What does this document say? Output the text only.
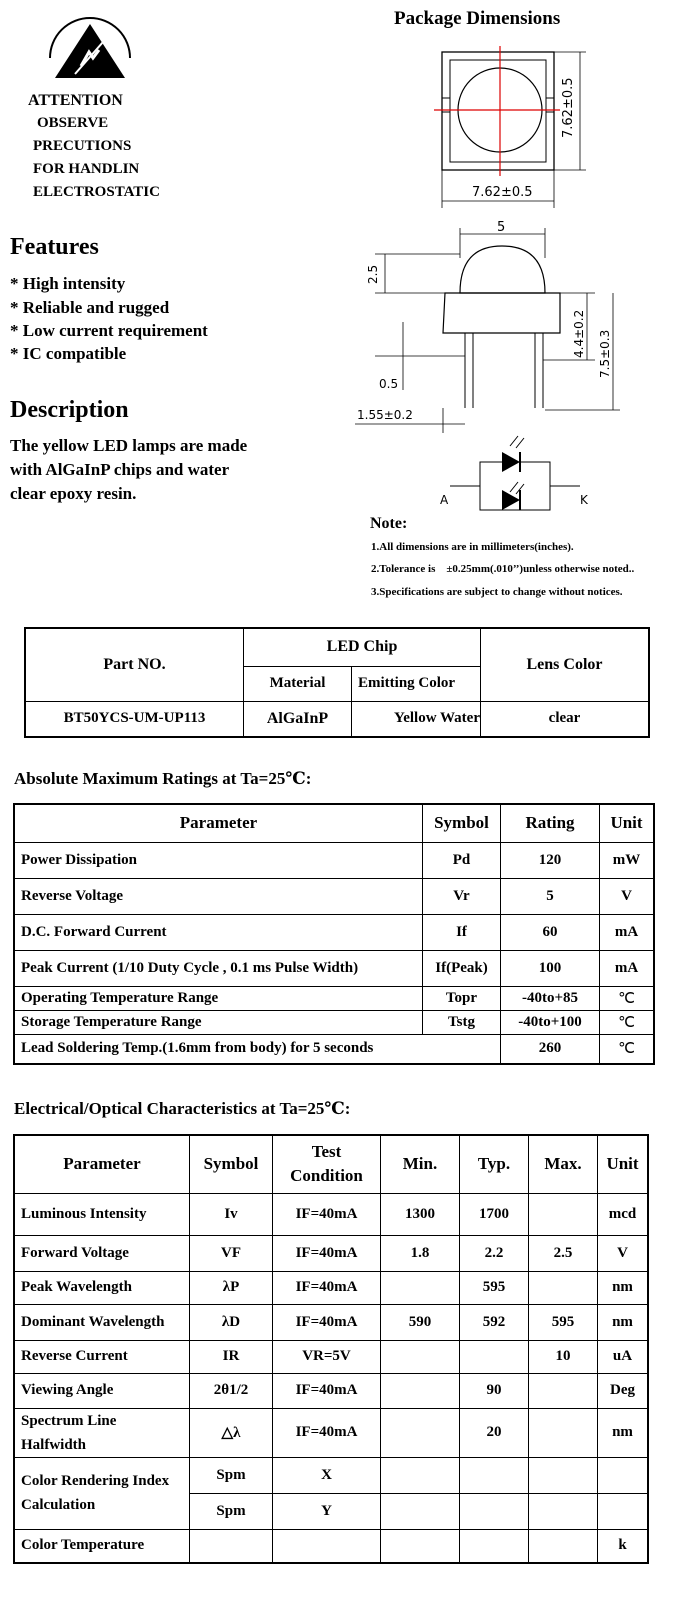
ATTENTION
OBSERVE
PRECUTIONS
FOR HANDLIN
ELECTROSTATIC
Package Dimensions
7.62±0.5
7.62±0.5
5
2.5
4.4±0.2 7.5±0.3
0.5
1.55±0.2
A	K
Features
* High intensity
* Reliable and rugged
* Low current requirement
* IC compatible
Description
The yellow LED lamps are made
with AlGaInP chips and water
clear epoxy resin.
Note:
1.All dimensions are in millimeters(inches).
2.Tolerance is    ±0.25mm(.010’’)unless otherwise noted..
3.Specifications are subject to change without notices.
Part NO.	LED Chip		Lens Color
	Material	Emitting Color	
BT50YCS-UM-UP113	AlGaInP	Yellow Water	clear
Absolute Maximum Ratings at Ta=25℃:
Parameter	Symbol	Rating	Unit
Power Dissipation	Pd	120	mW
Reverse Voltage	Vr	5	V
D.C. Forward Current	If	60	mA
Peak Current (1/10 Duty Cycle , 0.1 ms Pulse Width)	If(Peak)	100	mA
Operating Temperature Range	Topr	-40to+85	℃
Storage Temperature Range	Tstg	-40to+100	℃
Lead Soldering Temp.(1.6mm from body) for 5 seconds		260	℃
Electrical/Optical Characteristics at Ta=25℃:
Parameter	Symbol	Test Condition	Min.	Typ.	Max.	Unit
Luminous Intensity	Iv	IF=40mA	1300	1700		mcd
Forward Voltage	VF	IF=40mA	1.8	2.2	2.5	V
Peak Wavelength	λP	IF=40mA		595		nm
Dominant Wavelength	λD	IF=40mA	590	592	595	nm
Reverse Current	IR	VR=5V			10	uA
Viewing Angle	2θ1/2	IF=40mA		90		Deg
Spectrum Line Halfwidth	△λ	IF=40mA		20		nm
Color Rendering Index Calculation	Spm	X				
	Spm	Y				
Color Temperature						k
